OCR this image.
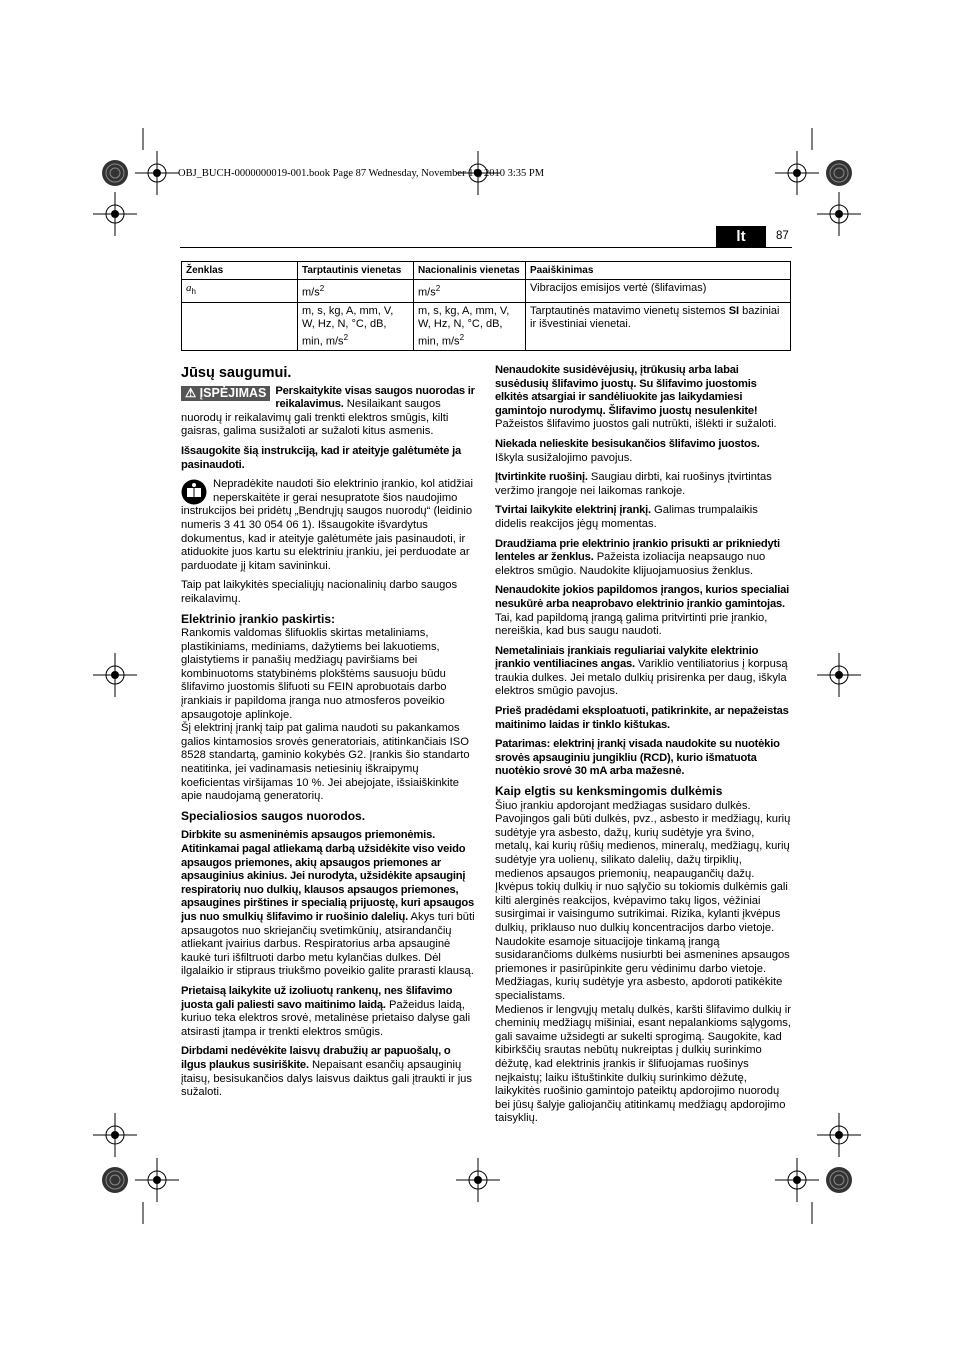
OBJ_BUCH-0000000019-001.book Page 87 Wednesday, November 10, 2010 3:35 PM
lt	87
Ženklas	Tarptautinis vienetas	Nacionalinis vienetas	Paaiškinimas
$a_h$	$m/s^2$	$m/s^2$	Vibracijos emisijos vertė (šlifavimas)
	m, s, kg, A, mm, V, W, Hz, N, °C, dB, min, $m/s^2$	m, s, kg, A, mm, V, W, Hz, N, °C, dB, min, $m/s^2$	Tarptautinės matavimo vienetų sistemos SI baziniai ir išvestiniai vienetai.
Jūsų saugumui.

⚠ ĮSPĖJIMAS Perskaitykite visas saugos nuorodas ir reikalavimus. Nesilaikant saugos nuorodų ir reikalavimų gali trenkti elektros smūgis, kilti gaisras, galima susižaloti ar sužaloti kitus asmenis.

Išsaugokite šią instrukciją, kad ir ateityje galėtumėte ja pasinaudoti.

Nepradėkite naudoti šio elektrinio įrankio, kol atidžiai neperskaitėte ir gerai nesupratote šios naudojimo instrukcijos bei pridėtų „Bendrųjų saugos nuorodų“ (leidinio numeris 3 41 30 054 06 1). Išsaugokite išvardytus dokumentus, kad ir ateityje galėtumėte jais pasinaudoti, ir atiduokite juos kartu su elektriniu įrankiu, jei perduodate ar parduodate jį kitam savininkui.

Taip pat laikykitės specialiųjų nacionalinių darbo saugos reikalavimų.

Elektrinio įrankio paskirtis:

Rankomis valdomas šlifuoklis skirtas metaliniams, plastikiniams, mediniams, dažytiems bei lakuotiems, glaistytiems ir panašių medžiagų paviršiams bei kombinuotoms statybinėms plokštėms sausuoju būdu šlifavimo juostomis šlifuoti su FEIN aprobuotais darbo įrankiais ir papildoma įranga nuo atmosferos poveikio apsaugotoje aplinkoje.

Šį elektrinį įrankį taip pat galima naudoti su pakankamos galios kintamosios srovės generatoriais, atitinkančiais ISO 8528 standartą, gaminio kokybės G2. Įrankis šio standarto neatitinka, jei vadinamasis netiesinių iškraipymų koeficientas viršijamas 10 %. Jei abejojate, išsiaiškinkite apie naudojamą generatorių.

Specialiosios saugos nuorodos.

Dirbkite su asmeninėmis apsaugos priemonėmis. Atitinkamai pagal atliekamą darbą užsidėkite viso veido apsaugos priemones, akių apsaugos priemones ar apsauginius akinius. Jei nurodyta, užsidėkite apsauginį respiratorių nuo dulkių, klausos apsaugos priemones, apsaugines pirštines ir specialią prijuostę, kuri apsaugos jus nuo smulkių šlifavimo ir ruošinio dalelių. Akys turi būti apsaugotos nuo skriejančių svetimkūnių, atsirandančių atliekant įvairius darbus. Respiratorius arba apsauginė kaukė turi išfiltruoti darbo metu kylančias dulkes. Dėl ilgalaikio ir stipraus triukšmo poveikio galite prarasti klausą.

Prietaisą laikykite už izoliuotų rankenų, nes šlifavimo juosta gali paliesti savo maitinimo laidą. Pažeidus laidą, kuriuo teka elektros srovė, metalinėse prietaiso dalyse gali atsirasti įtampa ir trenkti elektros smūgis.

Dirbdami nedėvėkite laisvų drabužių ar papuošalų, o ilgus plaukus susiriškite. Nepaisant esančių apsauginių įtaisų, besisukančios dalys laisvus daiktus gali įtraukti ir jus sužaloti.

Nenaudokite susidėvėjusių, įtrūkusių arba labai susėdusių šlifavimo juostų. Su šlifavimo juostomis elkitės atsargiai ir sandėliuokite jas laikydamiesi gamintojo nurodymų. Šlifavimo juostų nesulenkite! Pažeistos šlifavimo juostos gali nutrūkti, išlėkti ir sužaloti.

Niekada nelieskite besisukančios šlifavimo juostos. Iškyla susižalojimo pavojus.

Įtvirtinkite ruošinį. Saugiau dirbti, kai ruošinys įtvirtintas veržimo įrangoje nei laikomas rankoje.

Tvirtai laikykite elektrinį įrankį. Galimas trumpalaikis didelis reakcijos jėgų momentas.

Draudžiama prie elektrinio įrankio prisukti ar prikniedyti lenteles ar ženklus. Pažeista izoliacija neapsaugo nuo elektros smūgio. Naudokite klijuojamuosius ženklus.

Nenaudokite jokios papildomos įrangos, kurios specialiai nesukūrė arba neaprobavo elektrinio įrankio gamintojas. Tai, kad papildomą įrangą galima pritvirtinti prie įrankio, nereiškia, kad bus saugu naudoti.

Nemetaliniais įrankiais reguliariai valykite elektrinio įrankio ventiliacines angas. Variklio ventiliatorius į korpusą traukia dulkes. Jei metalo dulkių prisirenka per daug, iškyla elektros smūgio pavojus.

Prieš pradėdami eksploatuoti, patikrinkite, ar nepažeistas maitinimo laidas ir tinklo kištukas.

Patarimas: elektrinį įrankį visada naudokite su nuotėkio srovės apsauginiu jungikliu (RCD), kurio išmatuota nuotėkio srovė 30 mA arba mažesnė.

Kaip elgtis su kenksmingomis dulkėmis

Šiuo įrankiu apdorojant medžiagas susidaro dulkės. Pavojingos gali būti dulkės, pvz., asbesto ir medžiagų, kurių sudėtyje yra asbesto, dažų, kurių sudėtyje yra švino, metalų, kai kurių rūšių medienos, mineralų, medžiagų, kurių sudėtyje yra uolienų, silikato dalelių, dažų tirpiklių, medienos apsaugos priemonių, neapaugančių dažų. Įkvėpus tokių dulkių ir nuo sąlyčio su tokiomis dulkėmis gali kilti alerginės reakcijos, kvėpavimo takų ligos, vėžiniai susirgimai ir vaisingumo sutrikimai. Rizika, kylanti įkvėpus dulkių, priklauso nuo dulkių koncentracijos darbo vietoje. Naudokite esamoje situacijoje tinkamą įrangą susidarančioms dulkėms nusiurbti bei asmenines apsaugos priemones ir pasirūpinkite geru vėdinimu darbo vietoje. Medžiagas, kurių sudėtyje yra asbesto, apdoroti patikėkite specialistams.

Medienos ir lengvųjų metalų dulkės, karšti šlifavimo dulkių ir cheminių medžiagų mišiniai, esant nepalankioms sąlygoms, gali savaime užsidegti ar sukelti sprogimą. Saugokite, kad kibirkščių srautas nebūtų nukreiptas į dulkių surinkimo dėžutę, kad elektrinis įrankis ir šlifuojamas ruošinys neįkaistų; laiku ištuštinkite dulkių surinkimo dėžutę, laikykitės ruošinio gamintojo pateiktų apdorojimo nuorodų bei jūsų šalyje galiojančių atitinkamų medžiagų apdorojimo taisyklių.
